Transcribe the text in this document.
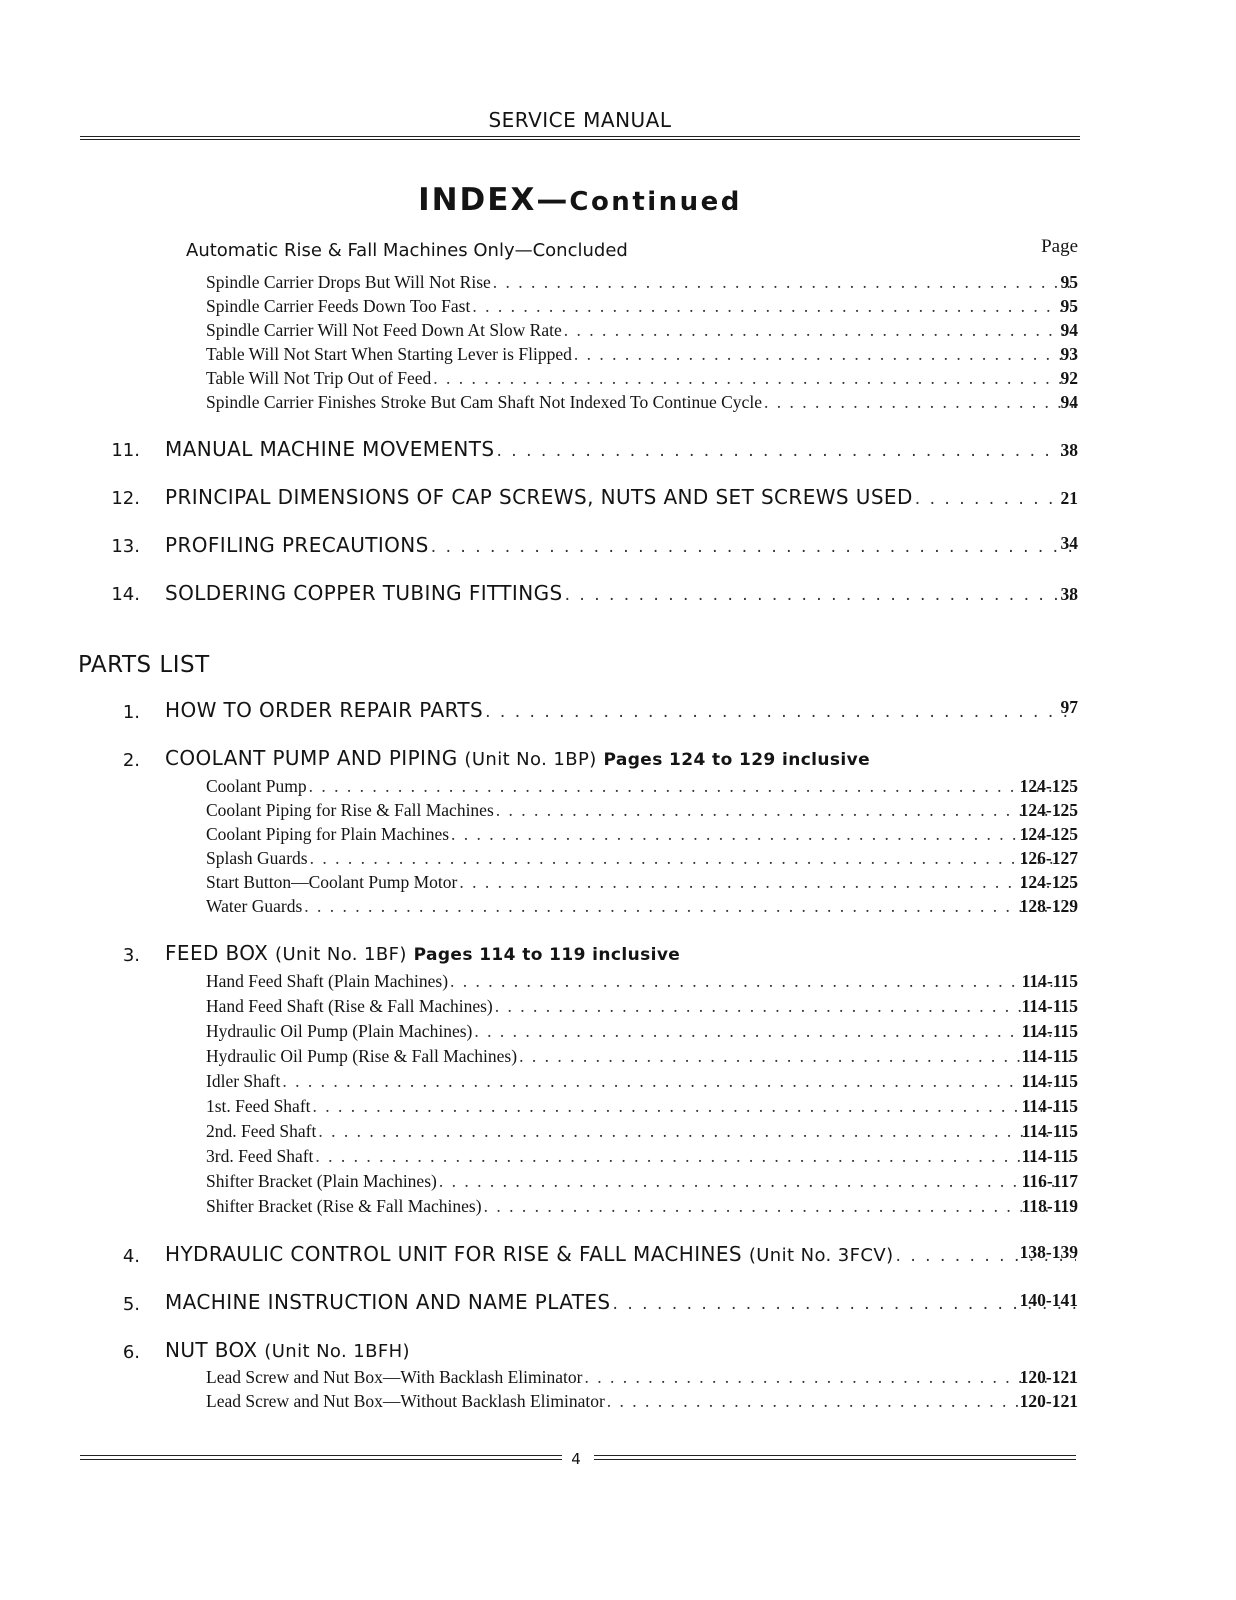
SERVICE MANUAL
INDEX—Continued
Page
Automatic Rise & Fall Machines Only—Concluded
Spindle Carrier Drops But Will Not Rise . . .	95
Spindle Carrier Feeds Down Too Fast . . .	95
Spindle Carrier Will Not Feed Down At Slow Rate . . .	94
Table Will Not Start When Starting Lever is Flipped . . .	93
Table Will Not Trip Out of Feed . . .	92
Spindle Carrier Finishes Stroke But Cam Shaft Not Indexed To Continue Cycle . . .	94
11. MANUAL MACHINE MOVEMENTS . . .	38
12. PRINCIPAL DIMENSIONS OF CAP SCREWS, NUTS AND SET SCREWS USED . . .	21
13. PROFILING PRECAUTIONS . . .	34
14. SOLDERING COPPER TUBING FITTINGS . . .	38
PARTS LIST
1. HOW TO ORDER REPAIR PARTS . . .	97
2. COOLANT PUMP AND PIPING (Unit No. 1BP) Pages 124 to 129 inclusive
Coolant Pump . . .	124-125
Coolant Piping for Rise & Fall Machines . . .	124-125
Coolant Piping for Plain Machines . . .	124-125
Splash Guards . . .	126-127
Start Button—Coolant Pump Motor . . .	124-125
Water Guards . . .	128-129
3. FEED BOX (Unit No. 1BF) Pages 114 to 119 inclusive
Hand Feed Shaft (Plain Machines) . . .	114-115
Hand Feed Shaft (Rise & Fall Machines) . . .	114-115
Hydraulic Oil Pump (Plain Machines) . . .	114-115
Hydraulic Oil Pump (Rise & Fall Machines) . . .	114-115
Idler Shaft . . .	114-115
1st. Feed Shaft . . .	114-115
2nd. Feed Shaft . . .	114-115
3rd. Feed Shaft . . .	114-115
Shifter Bracket (Plain Machines) . . .	116-117
Shifter Bracket (Rise & Fall Machines) . . .	118-119
4. HYDRAULIC CONTROL UNIT FOR RISE & FALL MACHINES
(Unit No. 3FCV) . . .	138-139
5. MACHINE INSTRUCTION AND NAME PLATES . . .	140-141
6. NUT BOX (Unit No. 1BFH)
Lead Screw and Nut Box—With Backlash Eliminator . . .	120-121
Lead Screw and Nut Box—Without Backlash Eliminator . . .	120-121
4
